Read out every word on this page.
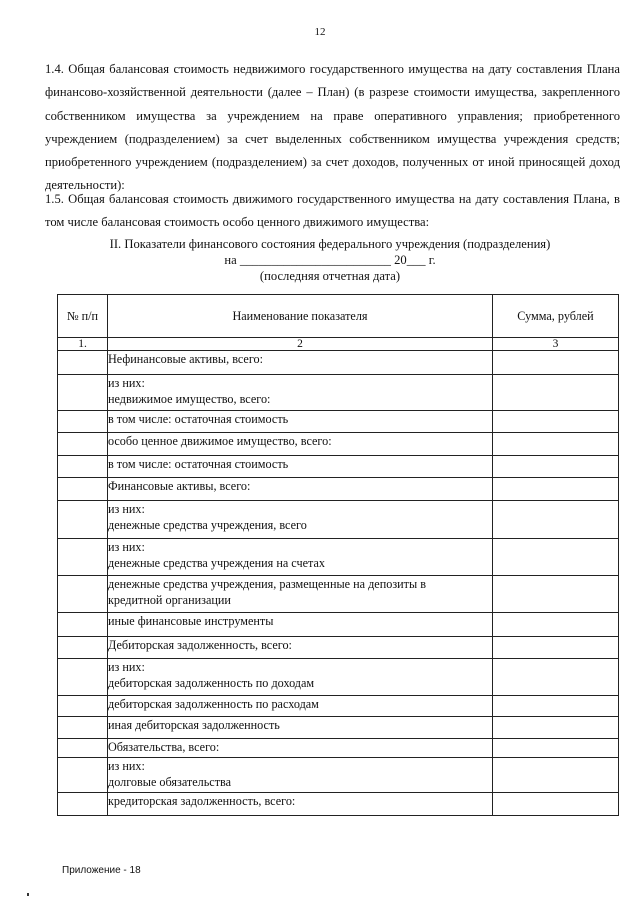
12
1.4. Общая балансовая стоимость недвижимого государственного имущества на дату составления Плана финансово-хозяйственной деятельности (далее – План) (в разрезе стоимости имущества, закрепленного собственником имущества за учреждением на праве оперативного управления; приобретенного учреждением (подразделением) за счет выделенных собственником имущества учреждения средств; приобретенного учреждением (подразделением) за счет доходов, полученных от иной приносящей доход деятельности):
1.5. Общая балансовая стоимость движимого государственного имущества на дату составления Плана, в том числе балансовая стоимость особо ценного движимого имущества:
II. Показатели финансового состояния федерального учреждения (подразделения)
на ________________________ 20___ г.
(последняя отчетная дата)
№ п/п	Наименование показателя	Сумма, рублей
1.	2	3

	Нефинансовые активы, всего:	

	из них:
недвижимое имущество, всего:	

	в том числе: остаточная стоимость	

	особо ценное движимое имущество, всего:	

	в том числе: остаточная стоимость	

	Финансовые активы, всего:	

	из них:
денежные средства учреждения, всего	

	из них:
денежные средства учреждения на счетах	

	денежные средства учреждения, размещенные на депозиты в
кредитной организации	

	иные финансовые инструменты	

	Дебиторская задолженность, всего:	

	из них:
дебиторская задолженность по доходам	

	дебиторская задолженность по расходам	

	иная дебиторская задолженность	

	Обязательства, всего:	

	из них:
долговые обязательства	

	кредиторская задолженность, всего:	

Приложение - 18
